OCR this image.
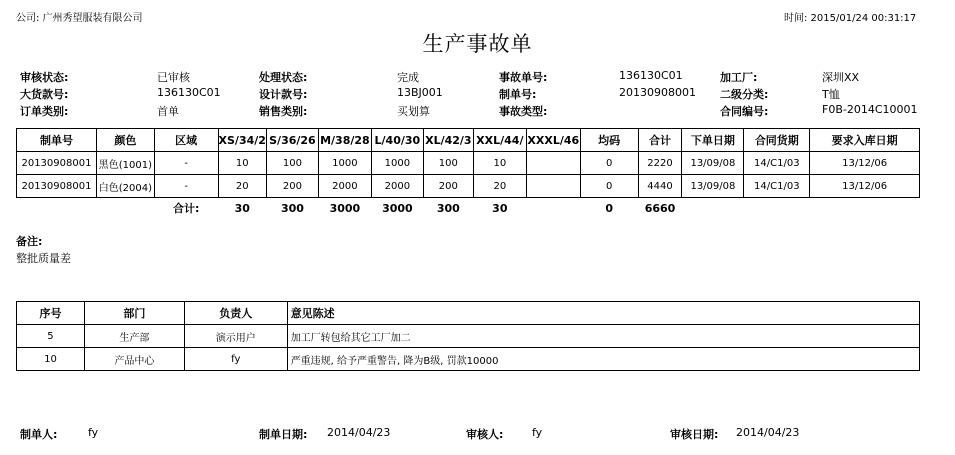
公司: 广州秀望服装有限公司	时间: 2015/01/24 00:31:17
生产事故单
审核状态:	已审核	处理状态:	完成	事故单号:	136130C01	加工厂:	深圳XX
大货款号:	136130C01	设计款号:	13BJ001	制单号:	20130908001 二级分类:	T恤
订单类别:	首单	销售类别:	买划算	事故类型:	合同编号:	F0B-2014C10001
制单号	颜色	区域	XS/34/2	S/36/26	M/38/28	L/40/30	XL/42/3	XXL/44/	XXXL/46	均码	合计	下单日期	合同货期	要求入库日期
20130908001	黑色(1001)	-	10	100	1000	1000	100	10		0	2220	13/09/08	14/C1/03	13/12/06
20130908001	白色(2004)	-	20	200	2000	2000	200	20		0	4440	13/09/08	14/C1/03	13/12/06
		合计:	30	300	3000	3000	300	30		0	6660			
备注:
整批质量差
序号	部门	负责人	意见陈述
5	生产部	演示用户	加工厂转包给其它工厂加二
10	产品中心	fy	严重违规, 给予严重警告, 降为B级, 罚款10000
制单人:	fy	制单日期: 2014/04/23	审核人:	fy	审核日期: 2014/04/23
